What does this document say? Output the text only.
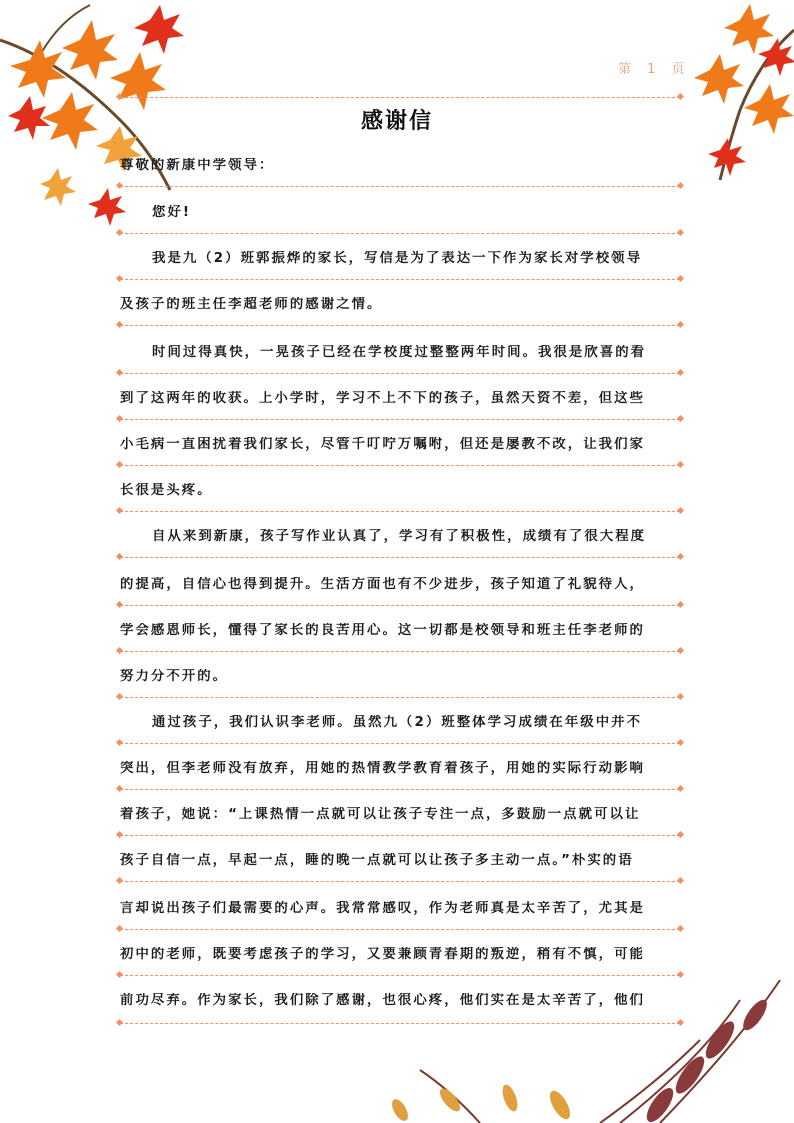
第 1 页
感谢信
尊敬的新康中学领导：
您好!
我是九（2）班郭振烨的家长，写信是为了表达一下作为家长对学校领导
及孩子的班主任李超老师的感谢之情。
时间过得真快，一晃孩子已经在学校度过整整两年时间。我很是欣喜的看
到了这两年的收获。上小学时，学习不上不下的孩子，虽然天资不差，但这些
小毛病一直困扰着我们家长，尽管千叮咛万嘱咐，但还是屡教不改，让我们家
长很是头疼。
自从来到新康，孩子写作业认真了，学习有了积极性，成绩有了很大程度
的提高，自信心也得到提升。生活方面也有不少进步，孩子知道了礼貌待人，
学会感恩师长，懂得了家长的良苦用心。这一切都是校领导和班主任李老师的
努力分不开的。
通过孩子，我们认识李老师。虽然九（2）班整体学习成绩在年级中并不
突出，但李老师没有放弃，用她的热情教学教育着孩子，用她的实际行动影响
着孩子，她说：“上课热情一点就可以让孩子专注一点，多鼓励一点就可以让
孩子自信一点，早起一点，睡的晚一点就可以让孩子多主动一点。”朴实的语
言却说出孩子们最需要的心声。我常常感叹，作为老师真是太辛苦了，尤其是
初中的老师，既要考虑孩子的学习，又要兼顾青春期的叛逆，稍有不慎，可能
前功尽弃。作为家长，我们除了感谢，也很心疼，他们实在是太辛苦了，他们
